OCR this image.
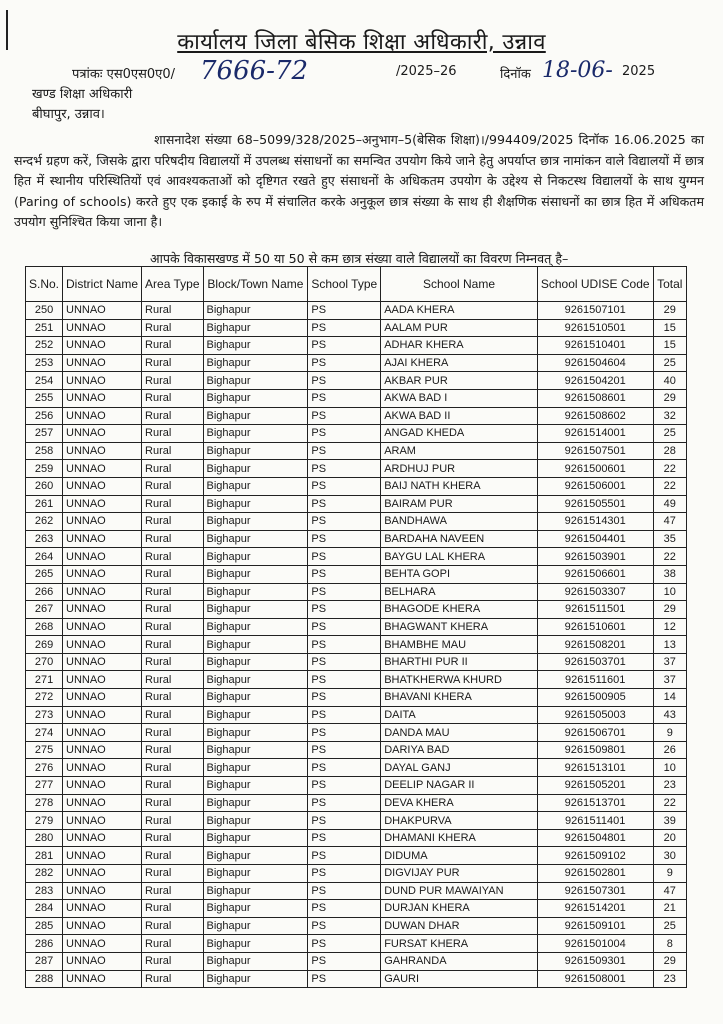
कार्यालय जिला बेसिक शिक्षा अधिकारी, उन्नाव
पत्रांकः एस0एस0ए0/ 7666-72	/2025–26	दिनॉक 18-06- 2025
खण्ड शिक्षा अधिकारी
बीघापुर, उन्नाव।
शासनादेश संख्या 68–5099/328/2025–अनुभाग–5(बेसिक शिक्षा)।/994409/2025 दिनॉक 16.06.2025 का सन्दर्भ ग्रहण करें, जिसके द्वारा परिषदीय विद्यालयों में उपलब्ध संसाधनों का समन्वित उपयोग किये जाने हेतु अपर्याप्त छात्र नामांकन वाले विद्यालयों में छात्र हित में स्थानीय परिस्थितियों एवं आवश्यकताओं को दृष्टिगत रखते हुए संसाधनों के अधिकतम उपयोग के उद्देश्य से निकटस्थ विद्यालयों के साथ युग्मन (Paring of schools) करते हुए एक इकाई के रुप में संचालित करके अनुकूल छात्र संख्या के साथ ही शैक्षणिक संसाधनों का छात्र हित में अधिकतम उपयोग सुनिश्चित किया जाना है।
आपके विकासखण्ड में 50 या 50 से कम छात्र संख्या वाले विद्यालयों का विवरण निम्नवत् है–
S.No.	District Name	Area Type	Block/Town Name	School Type	School Name	School UDISE Code	Total
250	UNNAO	Rural	Bighapur	PS	AADA KHERA	9261507101	29
251	UNNAO	Rural	Bighapur	PS	AALAM PUR	9261510501	15
252	UNNAO	Rural	Bighapur	PS	ADHAR KHERA	9261510401	15
253	UNNAO	Rural	Bighapur	PS	AJAI KHERA	9261504604	25
254	UNNAO	Rural	Bighapur	PS	AKBAR PUR	9261504201	40
255	UNNAO	Rural	Bighapur	PS	AKWA BAD I	9261508601	29
256	UNNAO	Rural	Bighapur	PS	AKWA BAD II	9261508602	32
257	UNNAO	Rural	Bighapur	PS	ANGAD KHEDA	9261514001	25
258	UNNAO	Rural	Bighapur	PS	ARAM	9261507501	28
259	UNNAO	Rural	Bighapur	PS	ARDHUJ PUR	9261500601	22
260	UNNAO	Rural	Bighapur	PS	BAIJ NATH KHERA	9261506001	22
261	UNNAO	Rural	Bighapur	PS	BAIRAM PUR	9261505501	49
262	UNNAO	Rural	Bighapur	PS	BANDHAWA	9261514301	47
263	UNNAO	Rural	Bighapur	PS	BARDAHA NAVEEN	9261504401	35
264	UNNAO	Rural	Bighapur	PS	BAYGU LAL KHERA	9261503901	22
265	UNNAO	Rural	Bighapur	PS	BEHTA GOPI	9261506601	38
266	UNNAO	Rural	Bighapur	PS	BELHARA	9261503307	10
267	UNNAO	Rural	Bighapur	PS	BHAGODE KHERA	9261511501	29
268	UNNAO	Rural	Bighapur	PS	BHAGWANT KHERA	9261510601	12
269	UNNAO	Rural	Bighapur	PS	BHAMBHE MAU	9261508201	13
270	UNNAO	Rural	Bighapur	PS	BHARTHI PUR II	9261503701	37
271	UNNAO	Rural	Bighapur	PS	BHATKHERWA KHURD	9261511601	37
272	UNNAO	Rural	Bighapur	PS	BHAVANI KHERA	9261500905	14
273	UNNAO	Rural	Bighapur	PS	DAITA	9261505003	43
274	UNNAO	Rural	Bighapur	PS	DANDA MAU	9261506701	9
275	UNNAO	Rural	Bighapur	PS	DARIYA BAD	9261509801	26
276	UNNAO	Rural	Bighapur	PS	DAYAL GANJ	9261513101	10
277	UNNAO	Rural	Bighapur	PS	DEELIP NAGAR II	9261505201	23
278	UNNAO	Rural	Bighapur	PS	DEVA KHERA	9261513701	22
279	UNNAO	Rural	Bighapur	PS	DHAKPURVA	9261511401	39
280	UNNAO	Rural	Bighapur	PS	DHAMANI KHERA	9261504801	20
281	UNNAO	Rural	Bighapur	PS	DIDUMA	9261509102	30
282	UNNAO	Rural	Bighapur	PS	DIGVIJAY PUR	9261502801	9
283	UNNAO	Rural	Bighapur	PS	DUND PUR MAWAIYAN	9261507301	47
284	UNNAO	Rural	Bighapur	PS	DURJAN KHERA	9261514201	21
285	UNNAO	Rural	Bighapur	PS	DUWAN DHAR	9261509101	25
286	UNNAO	Rural	Bighapur	PS	FURSAT KHERA	9261501004	8
287	UNNAO	Rural	Bighapur	PS	GAHRANDA	9261509301	29
288	UNNAO	Rural	Bighapur	PS	GAURI	9261508001	23
